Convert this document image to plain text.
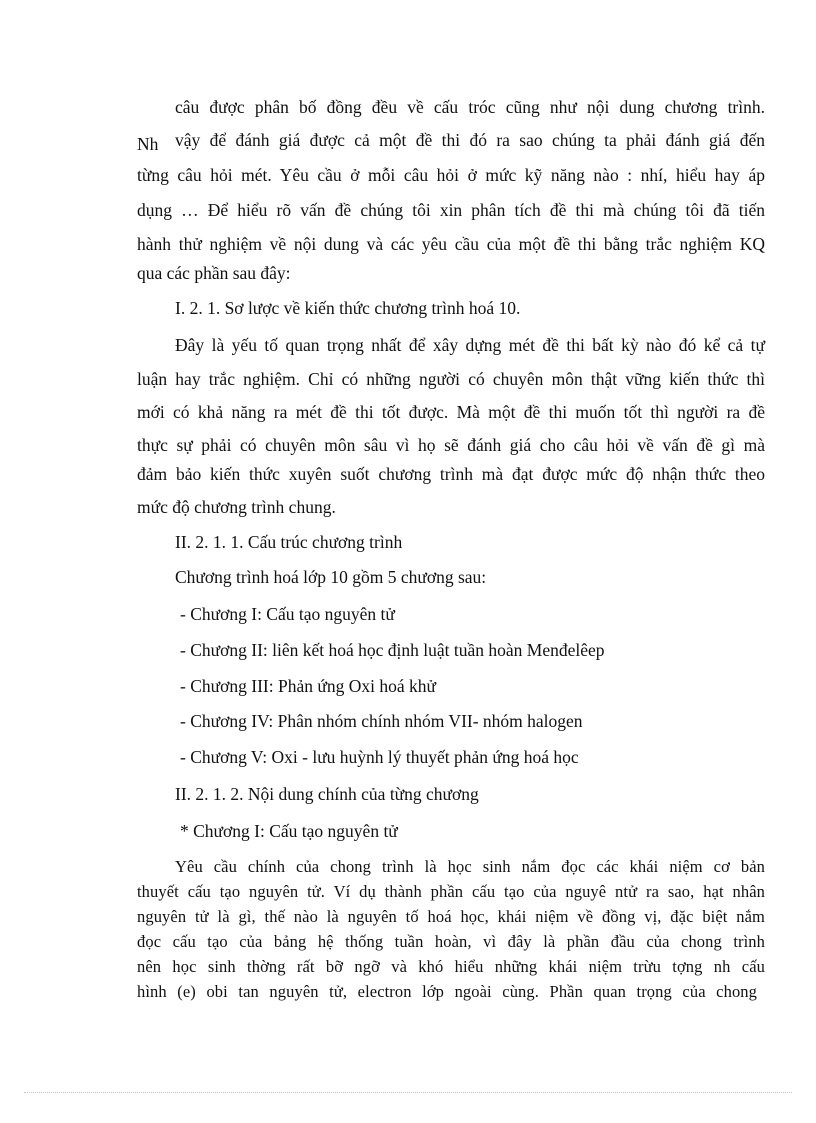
câu được phân bố đồng đều về cấu tróc cũng như nội dung chương trình.
Nh vậy để đánh giá được cả một đề thi đó ra sao chúng ta phải đánh giá đến
từng câu hỏi mét. Yêu cầu ở mỗi câu hỏi ở mức kỹ năng nào : nhí, hiểu hay áp
dụng … Để hiểu rõ vấn đề chúng tôi xin phân tích đề thi mà chúng tôi đã tiến
hành thử nghiệm về nội dung và các yêu cầu của một đề thi bằng trắc nghiệm KQ
qua các phần sau đây:
I. 2. 1. Sơ lược về kiến thức chương trình hoá 10.
Đây là yếu tố quan trọng nhất để xây dựng mét đề thi bất kỳ nào đó kể cả tự
luận hay trắc nghiệm. Chỉ có những người có chuyên môn thật vững kiến thức thì
mới có khả năng ra mét đề thi tốt được. Mà một đề thi muốn tốt thì người ra đề
thực sự phải có chuyên môn sâu vì họ sẽ đánh giá cho câu hỏi về vấn đề gì mà
đảm bảo kiến thức xuyên suốt chương trình mà đạt được mức độ nhận thức theo
mức độ chương trình chung.
II. 2. 1. 1. Cấu trúc chương trình
Chương trình hoá lớp 10 gồm 5 chương sau:
- Chương I: Cấu tạo nguyên tử
- Chương II: liên kết hoá học định luật tuần hoàn Menđelêep
- Chương III: Phản ứng Oxi hoá khử
- Chương IV: Phân nhóm chính nhóm VII- nhóm halogen
- Chương V: Oxi - lưu huỳnh lý thuyết phản ứng hoá học
II. 2. 1. 2. Nội dung chính của từng chương
* Chương I: Cấu tạo nguyên tử
Yêu cầu chính của chong trình là học sinh nắm đọc các khái niệm cơ bản
thuyết cấu tạo nguyên tử. Ví dụ thành phần cấu tạo của nguyê ntử ra sao, hạt nhân
nguyên tử là gì, thế nào là nguyên tố hoá học, khái niệm về đồng vị, đặc biệt nắm
đọc cấu tạo của bảng hệ thống tuần hoàn, vì đây là phần đầu của chong trình
nên học sinh thờng rất bỡ ngỡ và khó hiểu những khái niệm trừu tợng nh cấu
hình (e) obi tan nguyên tử, electron lớp ngoài cùng. Phần quan trọng của chong
